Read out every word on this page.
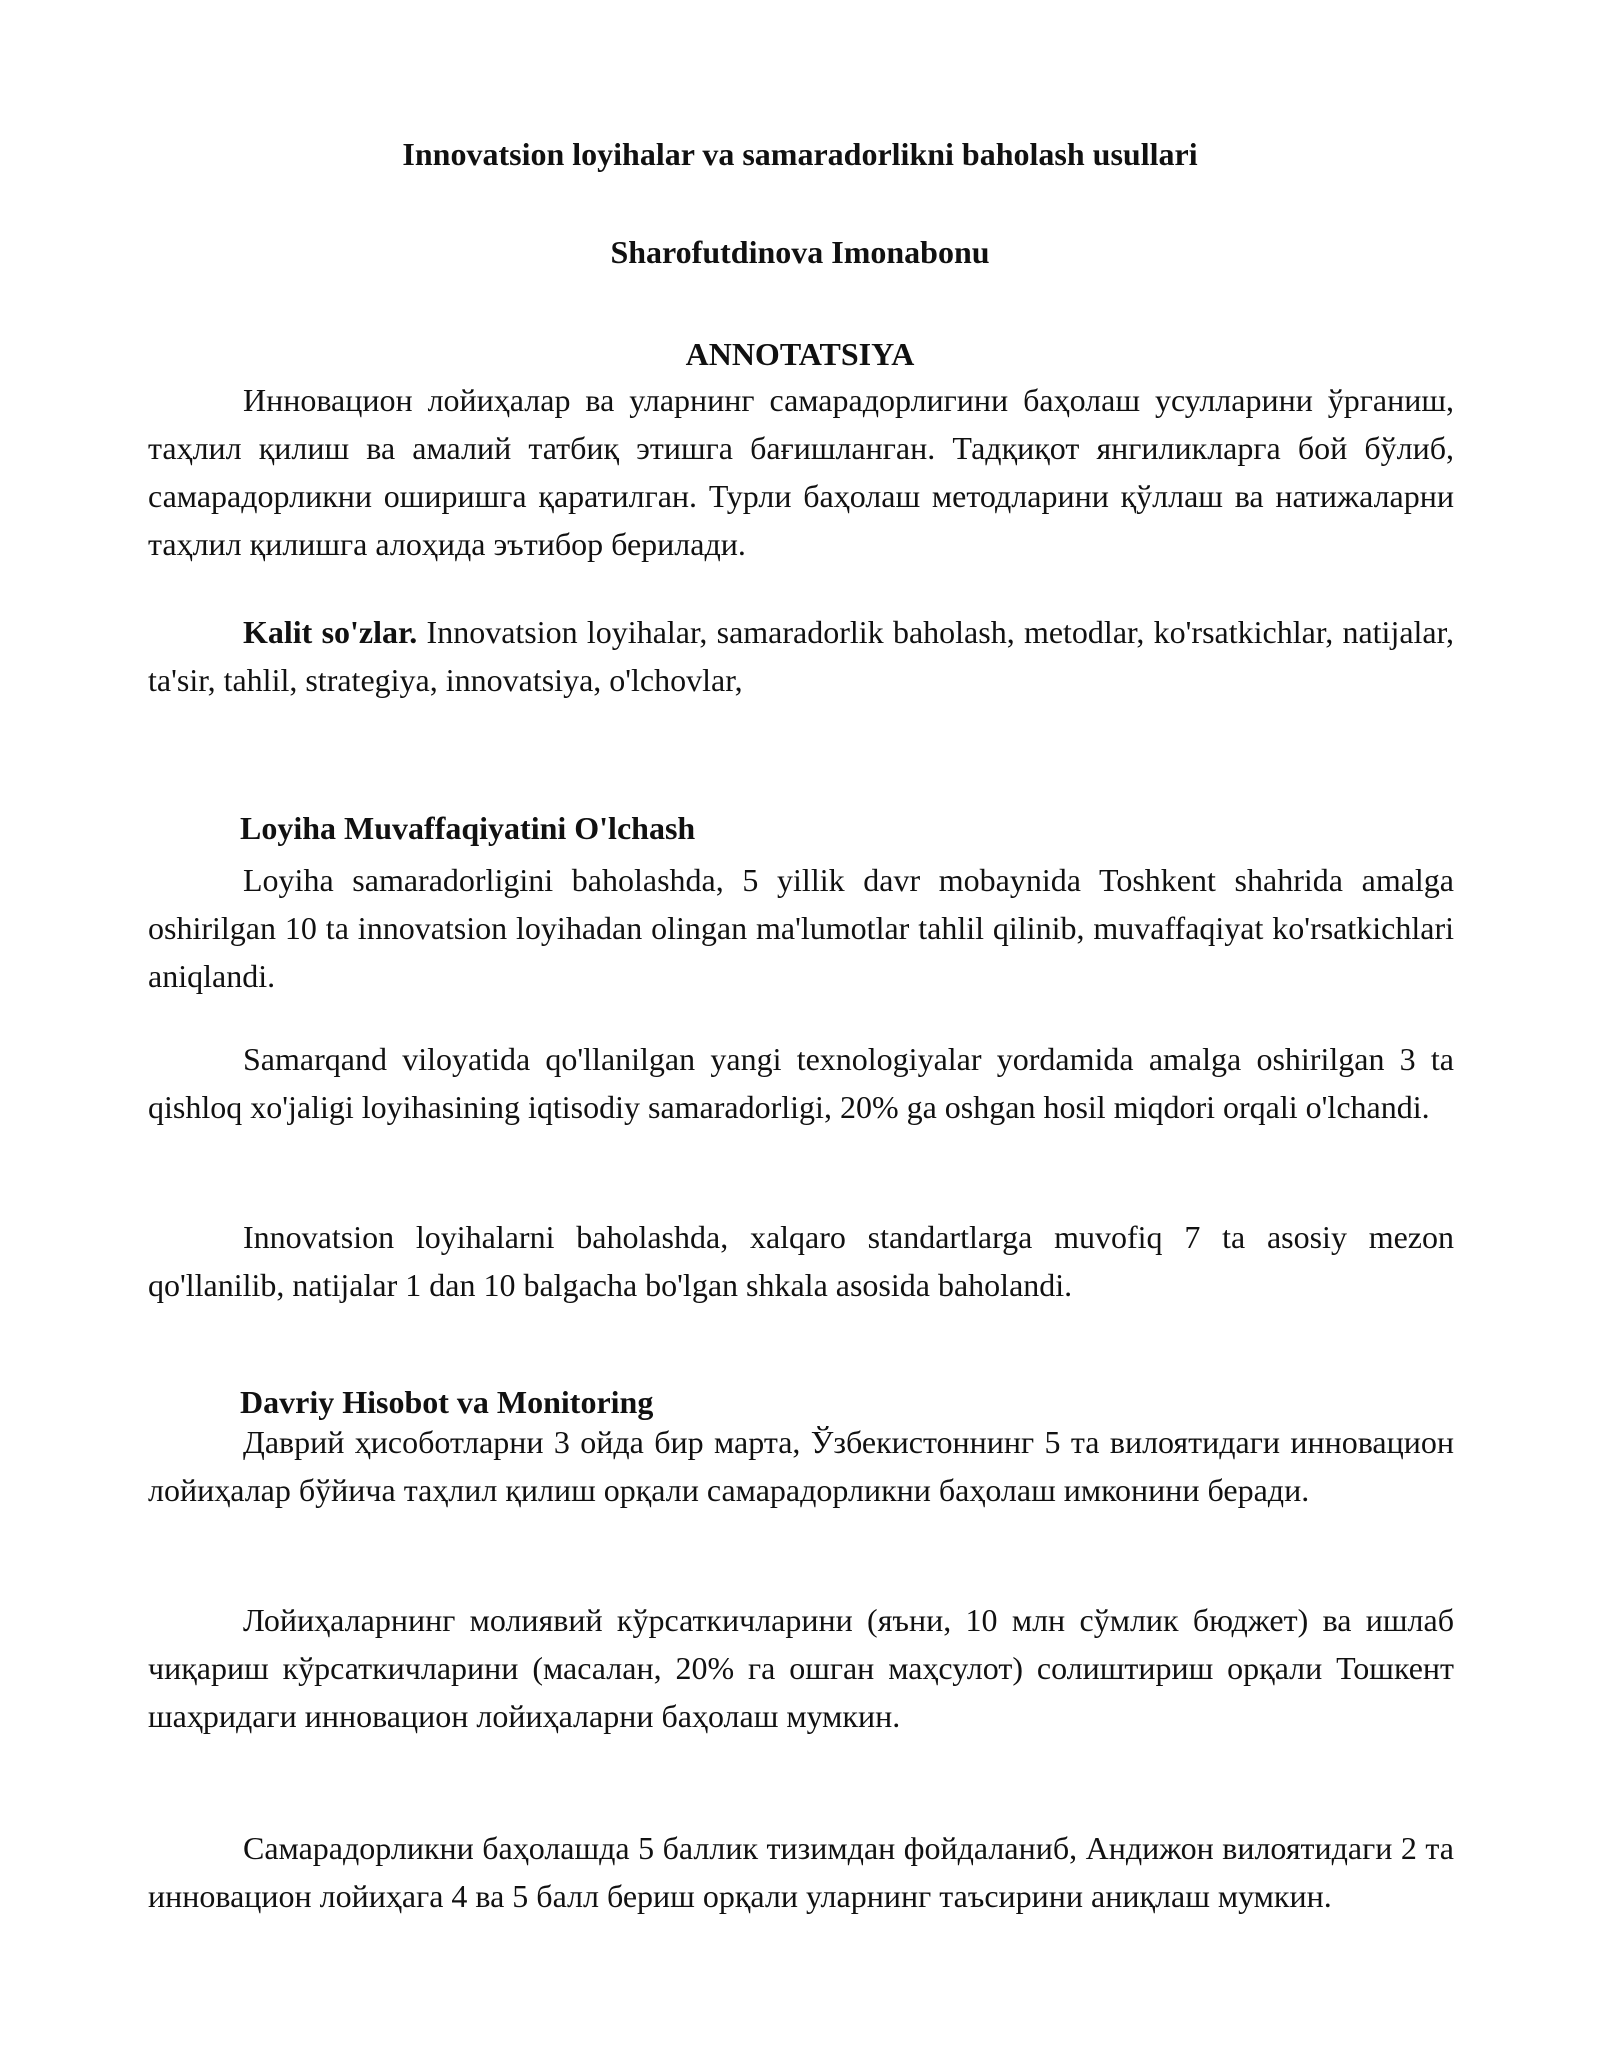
Innovatsion loyihalar va samaradorlikni baholash usullari
Sharofutdinova Imonabonu
ANNOTATSIYA

Инновацион лойиҳалар ва уларнинг самарадорлигини баҳолаш усулларини ўрганиш, таҳлил қилиш ва амалий татбиқ этишга бағишланган. Тадқиқот янгиликларга бой бўлиб, самарадорликни оширишга қаратилган. Турли баҳолаш методларини қўллаш ва натижаларни таҳлил қилишга алоҳида эътибор берилади.

Kalit so'zlar. Innovatsion loyihalar, samaradorlik baholash, metodlar, ko'rsatkichlar, natijalar, ta'sir, tahlil, strategiya, innovatsiya, o'lchovlar,

Loyiha Muvaffaqiyatini O'lchash

Loyiha samaradorligini baholashda, 5 yillik davr mobaynida Toshkent shahrida amalga oshirilgan 10 ta innovatsion loyihadan olingan ma'lumotlar tahlil qilinib, muvaffaqiyat ko'rsatkichlari aniqlandi.

Samarqand viloyatida qo'llanilgan yangi texnologiyalar yordamida amalga oshirilgan 3 ta qishloq xo'jaligi loyihasining iqtisodiy samaradorligi, 20% ga oshgan hosil miqdori orqali o'lchandi.

Innovatsion loyihalarni baholashda, xalqaro standartlarga muvofiq 7 ta asosiy mezon qo'llanilib, natijalar 1 dan 10 balgacha bo'lgan shkala asosida baholandi.

Davriy Hisobot va Monitoring

Даврий ҳисоботларни 3 ойда бир марта, Ўзбекистоннинг 5 та вилоятидаги инновацион лойиҳалар бўйича таҳлил қилиш орқали самарадорликни баҳолаш имконини беради.

Лойиҳаларнинг молиявий кўрсаткичларини (яъни, 10 млн сўмлик бюджет) ва ишлаб чиқариш кўрсаткичларини (масалан, 20% га ошган маҳсулот) солиштириш орқали Тошкент шаҳридаги инновацион лойиҳаларни баҳолаш мумкин.

Самарадорликни баҳолашда 5 баллик тизимдан фойдаланиб, Андижон вилоятидаги 2 та инновацион лойиҳага 4 ва 5 балл бериш орқали уларнинг таъсирини аниқлаш мумкин.
